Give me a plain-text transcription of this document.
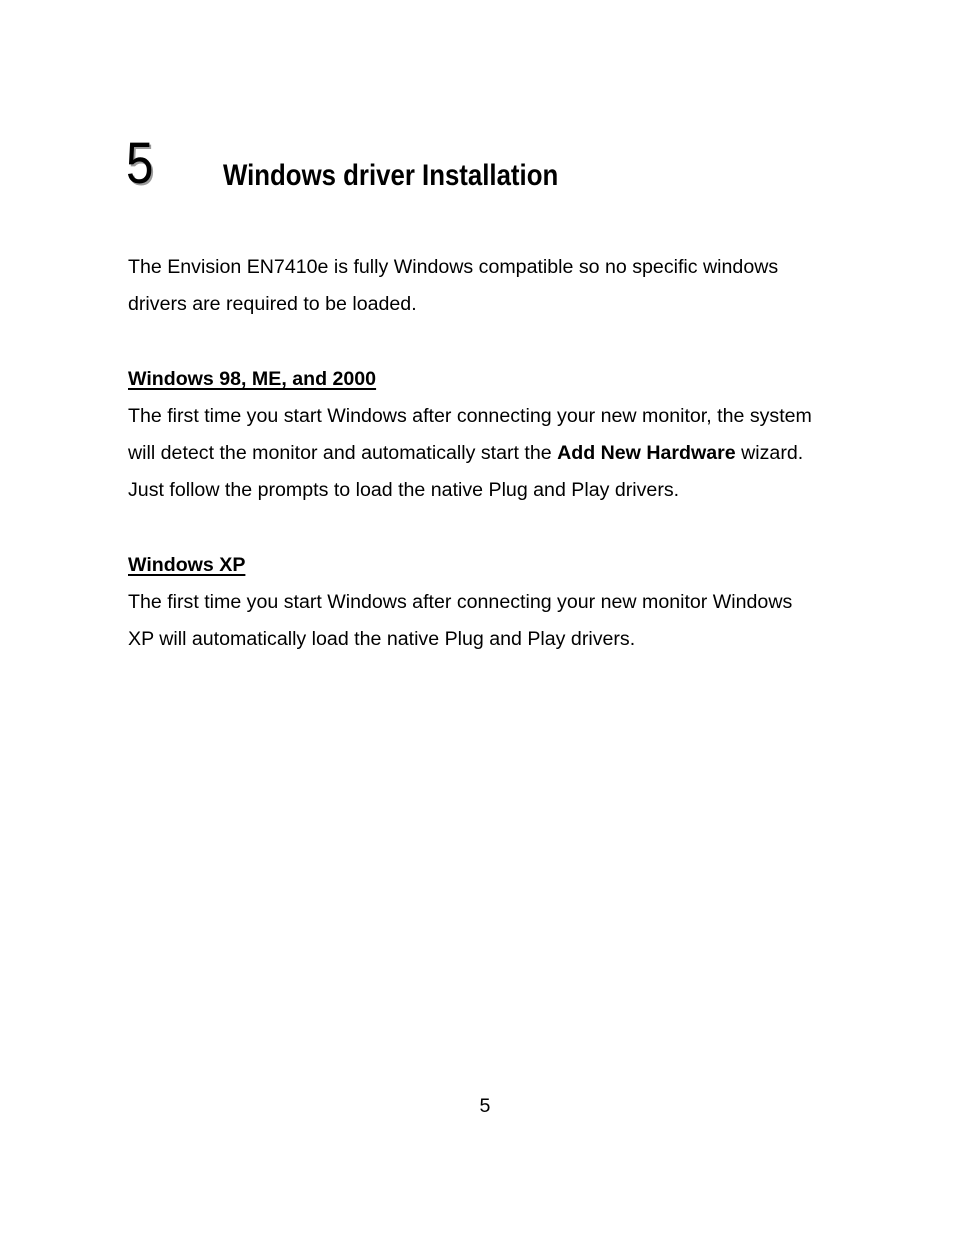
5 Windows driver Installation

The Envision EN7410e is fully Windows compatible so no specific windows
drivers are required to be loaded.

Windows 98, ME, and 2000

The first time you start Windows after connecting your new monitor, the system
will detect the monitor and automatically start the Add New Hardware wizard.
Just follow the prompts to load the native Plug and Play drivers.

Windows XP

The first time you start Windows after connecting your new monitor Windows
XP will automatically load the native Plug and Play drivers.

5
